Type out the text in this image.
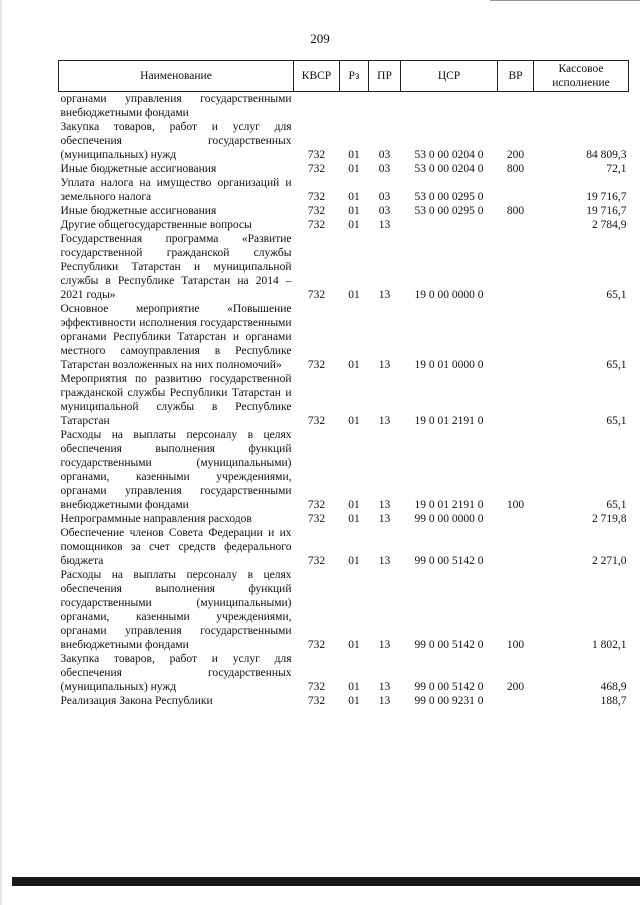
209
Наименование	КВСР	Рз	ПР	ЦСР	ВР	Кассовое исполнение
органами управления государственными внебюджетными фондами						
Закупка товаров, работ и услуг для обеспечения государственных (муниципальных) нужд	732	01	03	53 0 00 0204 0	200	84 809,3
Иные бюджетные ассигнования	732	01	03	53 0 00 0204 0	800	72,1
Уплата налога на имущество организаций и земельного налога	732	01	03	53 0 00 0295 0		19 716,7
Иные бюджетные ассигнования	732	01	03	53 0 00 0295 0	800	19 716,7
Другие общегосударственные вопросы	732	01	13			2 784,9
Государственная программа «Развитие государственной гражданской службы Республики Татарстан и муниципальной службы в Республике Татарстан на 2014 – 2021 годы»	732	01	13	19 0 00 0000 0		65,1
Основное мероприятие «Повышение эффективности исполнения государственными органами Республики Татарстан и органами местного самоуправления в Республике Татарстан возложенных на них полномочий»	732	01	13	19 0 01 0000 0		65,1
Мероприятия по развитию государственной гражданской службы Республики Татарстан и муниципальной службы в Республике Татарстан	732	01	13	19 0 01 2191 0		65,1
Расходы на выплаты персоналу в целях обеспечения выполнения функций государственными (муниципальными) органами, казенными учреждениями, органами управления государственными внебюджетными фондами	732	01	13	19 0 01 2191 0	100	65,1
Непрограммные направления расходов	732	01	13	99 0 00 0000 0		2 719,8
Обеспечение членов Совета Федерации и их помощников за счет средств федерального бюджета	732	01	13	99 0 00 5142 0		2 271,0
Расходы на выплаты персоналу в целях обеспечения выполнения функций государственными (муниципальными) органами, казенными учреждениями, органами управления государственными внебюджетными фондами	732	01	13	99 0 00 5142 0	100	1 802,1
Закупка товаров, работ и услуг для обеспечения государственных (муниципальных) нужд	732	01	13	99 0 00 5142 0	200	468,9
Реализация Закона Республики	732	01	13	99 0 00 9231 0		188,7
